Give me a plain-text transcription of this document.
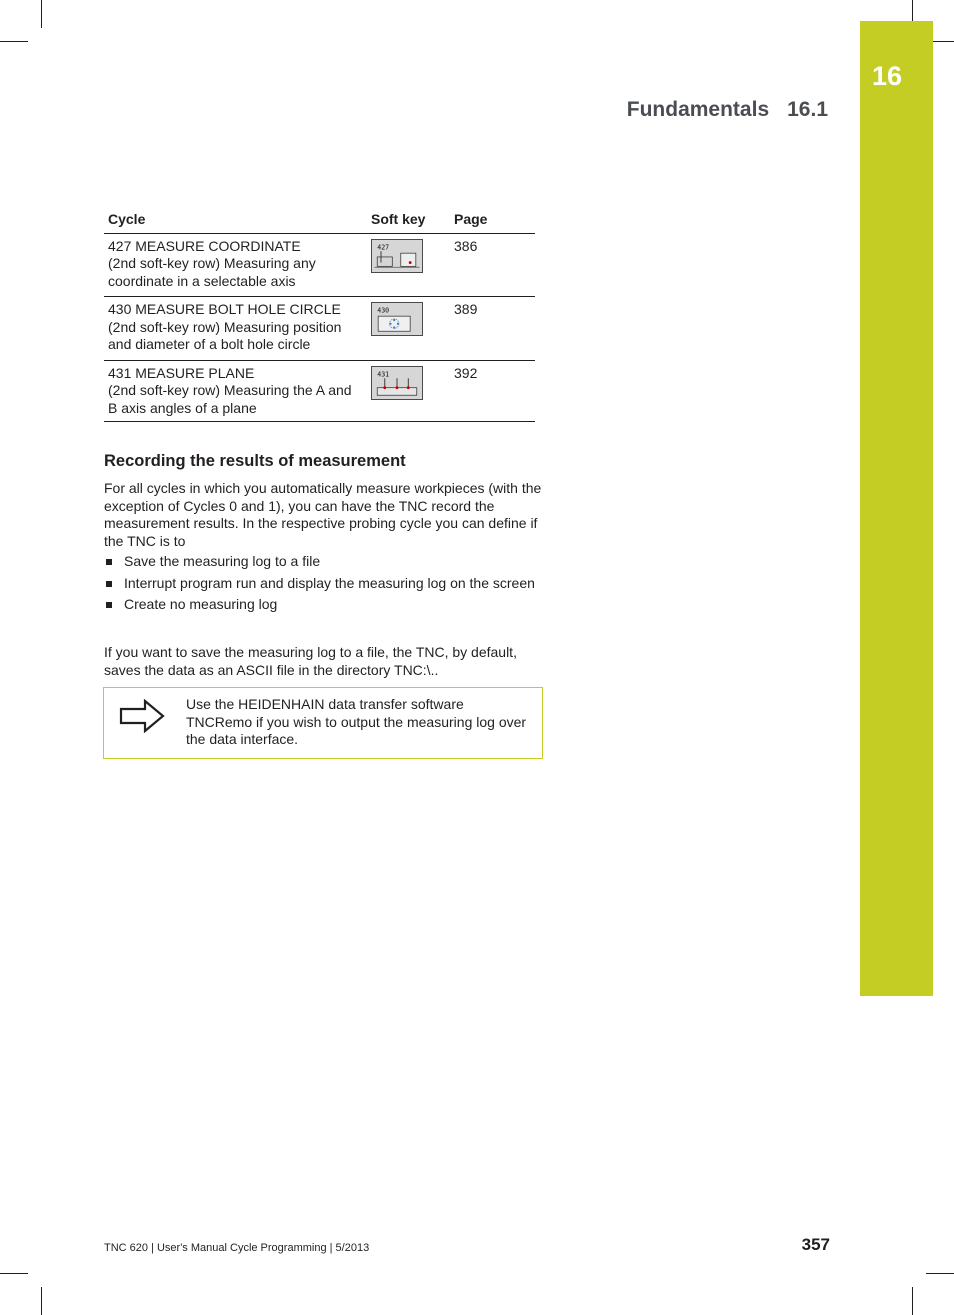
16
Fundamentals 16.1
Cycle	Soft key	Page

427 MEASURE COORDINATE
(2nd soft-key row) Measuring any coordinate in a selectable axis	427	386

430 MEASURE BOLT HOLE CIRCLE
(2nd soft-key row) Measuring position and diameter of a bolt hole circle	430	389

431 MEASURE PLANE
(2nd soft-key row) Measuring the A and B axis angles of a plane	431	392
Recording the results of measurement

For all cycles in which you automatically measure workpieces (with the exception of Cycles 0 and 1), you can have the TNC record the measurement results. In the respective probing cycle you can define if the TNC is to

Save the measuring log to a file
Interrupt program run and display the measuring log on the screen
Create no measuring log

If you want to save the measuring log to a file, the TNC, by default, saves the data as an ASCII file in the directory TNC:\..

Use the HEIDENHAIN data transfer software TNCRemo if you wish to output the measuring log over the data interface.
TNC 620 | User's Manual Cycle Programming | 5/2013	357
